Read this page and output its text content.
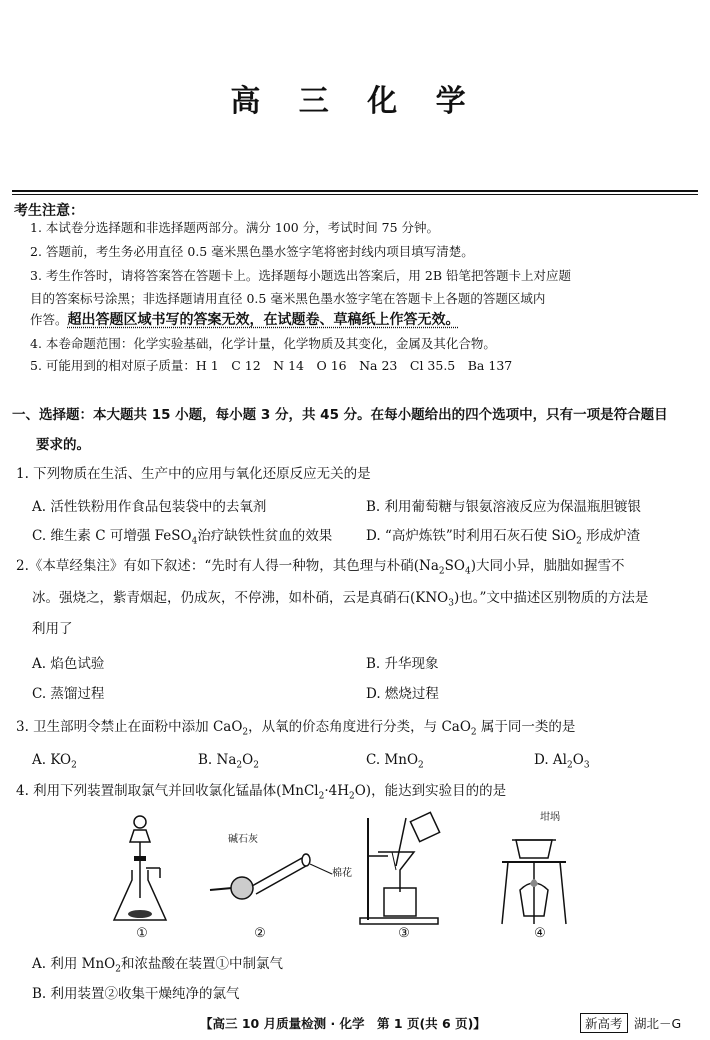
高 三 化 学
考生注意：
1. 本试卷分选择题和非选择题两部分。满分 100 分，考试时间 75 分钟。
2. 答题前，考生务必用直径 0.5 毫米黑色墨水签字笔将密封线内项目填写清楚。
3. 考生作答时，请将答案答在答题卡上。选择题每小题选出答案后，用 2B 铅笔把答题卡上对应题
目的答案标号涂黑；非选择题请用直径 0.5 毫米黑色墨水签字笔在答题卡上各题的答题区域内
作答。超出答题区域书写的答案无效，在试题卷、草稿纸上作答无效。
4. 本卷命题范围：化学实验基础，化学计量，化学物质及其变化，金属及其化合物。
5. 可能用到的相对原子质量：H 1　C 12　N 14　O 16　Na 23　Cl 35.5　Ba 137
一、选择题：本大题共 15 小题，每小题 3 分，共 45 分。在每小题给出的四个选项中，只有一项是符合题目
要求的。
1. 下列物质在生活、生产中的应用与氧化还原反应无关的是
A. 活性铁粉用作食品包装袋中的去氧剂	B. 利用葡萄糖与银氨溶液反应为保温瓶胆镀银
C. 维生素 C 可增强 FeSO$_4$治疗缺铁性贫血的效果 D. “高炉炼铁”时利用石灰石使 SiO$_2$ 形成炉渣
2.《本草经集注》有如下叙述：“先时有人得一种物，其色理与朴硝$(Na_2SO_4)$大同小异，朏朏如握雪不
冰。强烧之，紫青烟起，仍成灰，不停沸，如朴硝，云是真硝石$(KNO_3)$也。”文中描述区别物质的方法是
利用了
A. 焰色试验	B. 升华现象
C. 蒸馏过程	D. 燃烧过程
3. 卫生部明令禁止在面粉中添加 CaO$_2$，从氧的价态角度进行分类，与 CaO$_2$ 属于同一类的是
A. $KO_2$	B. $Na_2O_2$	C. MnO$_2$	D. $Al_2O_3$
4. 利用下列装置制取氯气并回收氯化锰晶体$(MnCl_2\cdot 4H_2O)$，能达到实验目的的是
碱石灰
棉花
坩埚
①	②	③	④
A. 利用 MnO$_2$和浓盐酸在装置①中制氯气
B. 利用装置②收集干燥纯净的氯气
【高三 10 月质量检测 · 化学　第 1 页(共 6 页)】	新高考 湖北－G
